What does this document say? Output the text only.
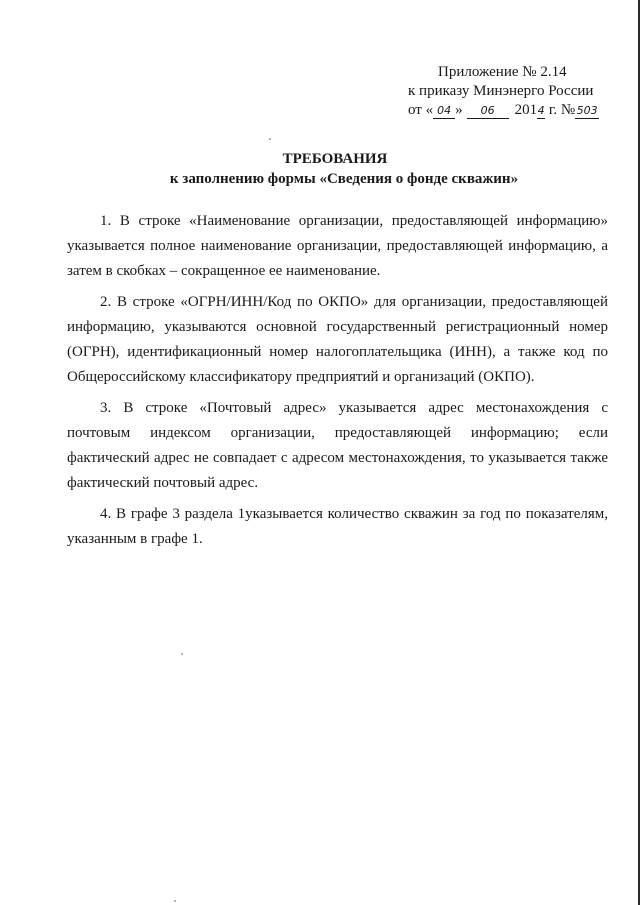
Приложение № 2.14
к приказу Минэнерго России
от « 04 » 06 2014 г. № 503
ТРЕБОВАНИЯ
к заполнению формы «Сведения о фонде скважин»

1. В строке «Наименование организации, предоставляющей информацию» указывается полное наименование организации, предоставляющей информацию, а затем в скобках – сокращенное ее наименование.

2. В строке «ОГРН/ИНН/Код по ОКПО» для организации, предоставляющей информацию, указываются основной государственный регистрационный номер (ОГРН), идентификационный номер налогоплательщика (ИНН), а также код по Общероссийскому классификатору предприятий и организаций (ОКПО).

3. В строке «Почтовый адрес» указывается адрес местонахождения с почтовым индексом организации, предоставляющей информацию; если фактический адрес не совпадает с адресом местонахождения, то указывается также фактический почтовый адрес.

4. В графе 3 раздела 1указывается количество скважин за год по показателям, указанным в графе 1.
